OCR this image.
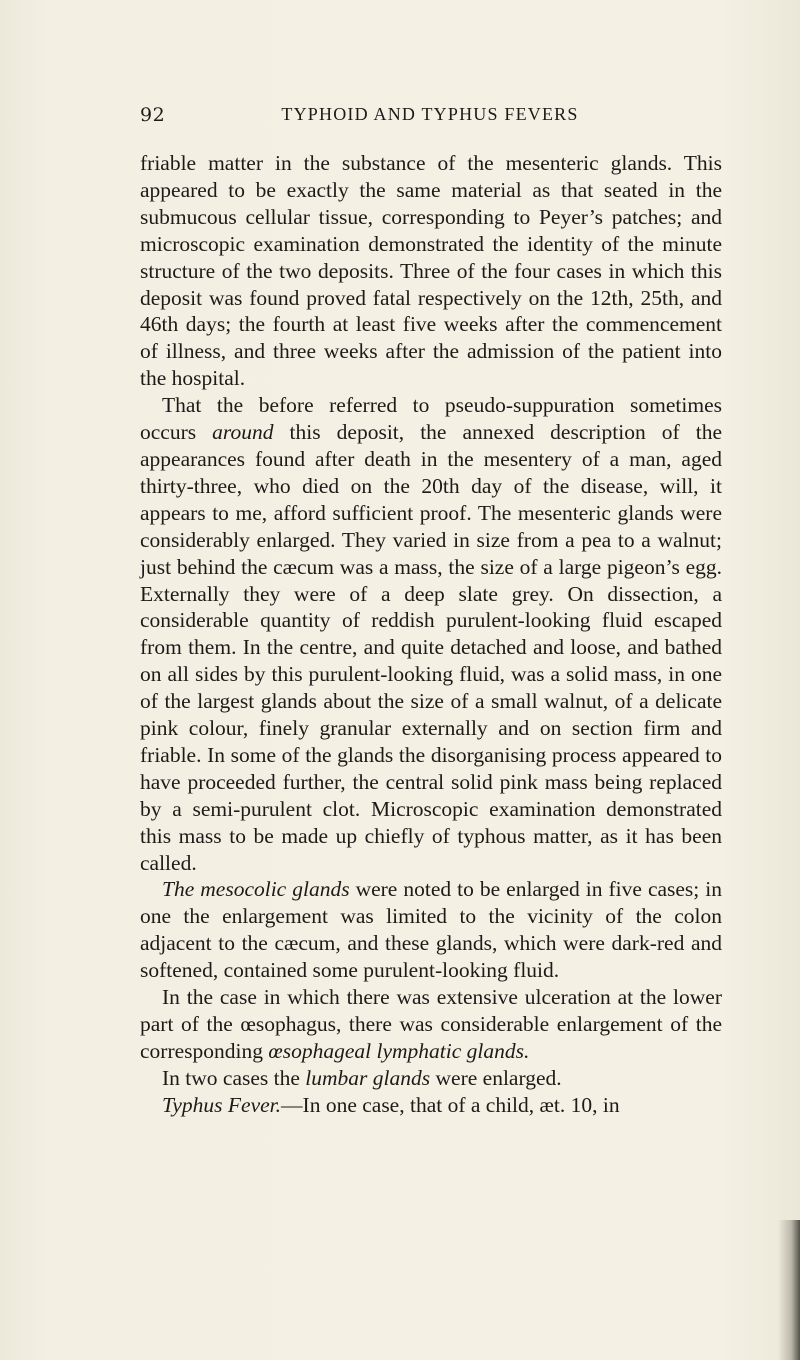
92	TYPHOID AND TYPHUS FEVERS

friable matter in the substance of the mesenteric glands. This appeared to be exactly the same material as that seated in the submucous cellular tissue, corresponding to Peyer’s patches; and microscopic examination demonstrated the identity of the minute structure of the two deposits. Three of the four cases in which this deposit was found proved fatal respectively on the 12th, 25th, and 46th days; the fourth at least five weeks after the commencement of illness, and three weeks after the admission of the patient into the hospital.

That the before referred to pseudo-suppuration sometimes occurs around this deposit, the annexed description of the appearances found after death in the mesentery of a man, aged thirty-three, who died on the 20th day of the disease, will, it appears to me, afford sufficient proof. The mesenteric glands were considerably enlarged. They varied in size from a pea to a walnut; just behind the cæcum was a mass, the size of a large pigeon’s egg. Externally they were of a deep slate grey. On dissection, a considerable quantity of reddish purulent-looking fluid escaped from them. In the centre, and quite detached and loose, and bathed on all sides by this purulent-looking fluid, was a solid mass, in one of the largest glands about the size of a small walnut, of a delicate pink colour, finely granular externally and on section firm and friable. In some of the glands the disorganising process appeared to have proceeded further, the central solid pink mass being replaced by a semi-purulent clot. Microscopic examination demonstrated this mass to be made up chiefly of typhous matter, as it has been called.

The mesocolic glands were noted to be enlarged in five cases; in one the enlargement was limited to the vicinity of the colon adjacent to the cæcum, and these glands, which were dark-red and softened, contained some purulent-looking fluid.

In the case in which there was extensive ulceration at the lower part of the œsophagus, there was considerable enlargement of the corresponding œsophageal lymphatic glands.

In two cases the lumbar glands were enlarged.

Typhus Fever.—In one case, that of a child, æt. 10, in
